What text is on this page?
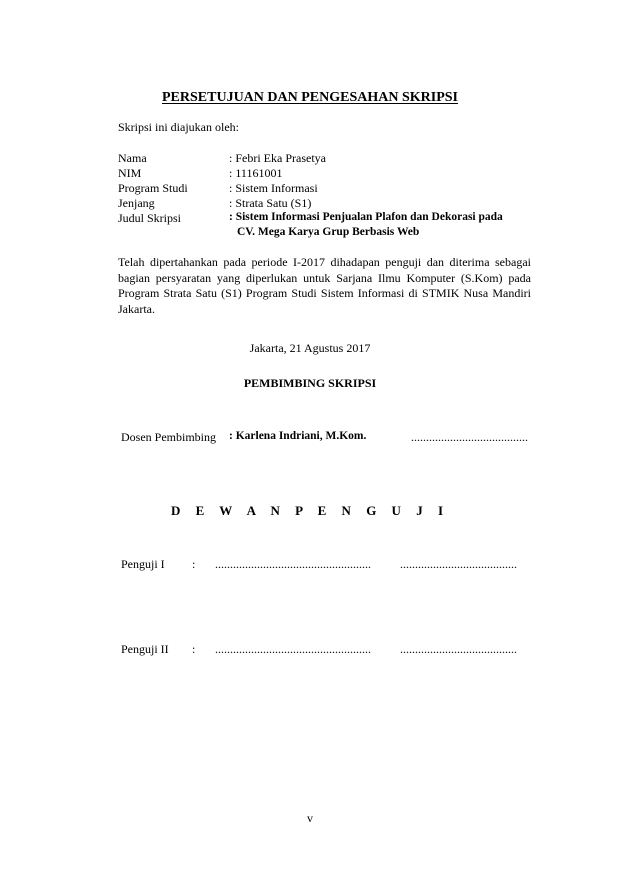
PERSETUJUAN DAN PENGESAHAN SKRIPSI
Skripsi ini diajukan oleh:
Nama	: Febri Eka Prasetya
NIM	: 11161001
Program Studi	: Sistem Informasi
Jenjang	: Strata Satu (S1)
Judul Skripsi	: Sistem Informasi Penjualan Plafon dan Dekorasi pada
CV. Mega Karya Grup Berbasis Web
Telah dipertahankan pada periode I-2017 dihadapan penguji dan diterima sebagai bagian persyaratan yang diperlukan untuk Sarjana Ilmu Komputer (S.Kom) pada Program Strata Satu (S1) Program Studi Sistem Informasi di STMIK Nusa Mandiri Jakarta.
Jakarta, 21 Agustus 2017
PEMBIMBING SKRIPSI
Dosen Pembimbing : Karlena Indriani, M.Kom.	.......................................
D E W A N P E N G U J I
Penguji I : .................................................... .......................................
Penguji II : .................................................... .......................................
v
